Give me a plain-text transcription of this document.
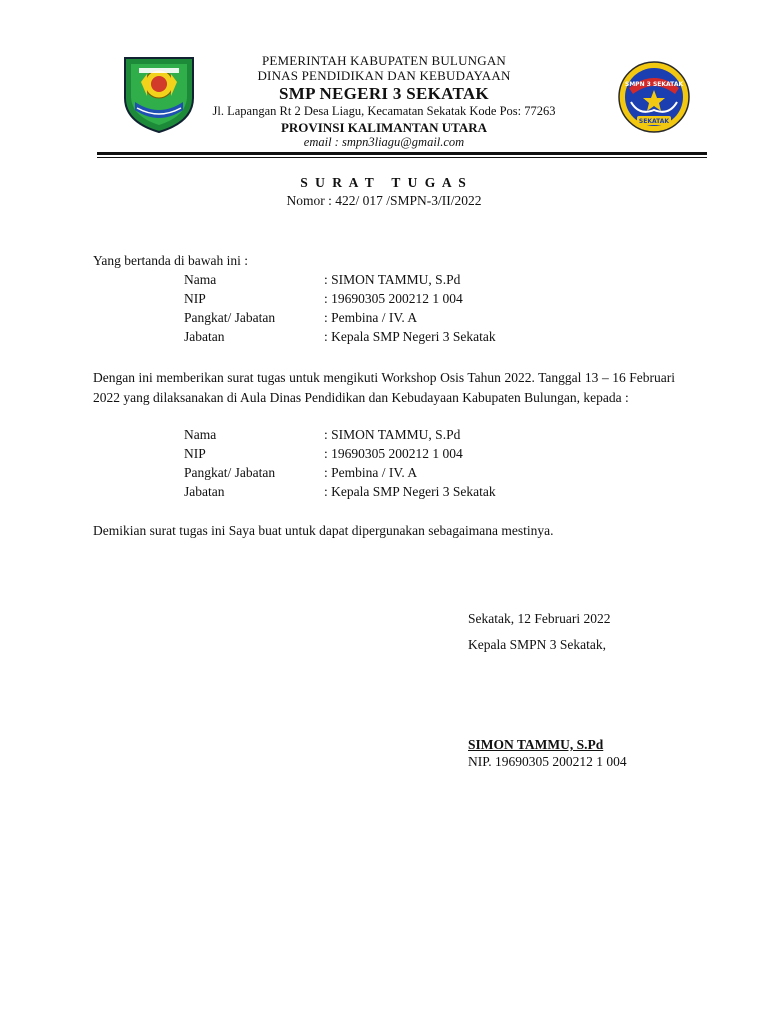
SMPN 3 SEKATAK
SEKATAK
PEMERINTAH KABUPATEN BULUNGAN
DINAS PENDIDIKAN DAN KEBUDAYAAN
SMP NEGERI 3 SEKATAK
Jl. Lapangan Rt 2 Desa Liagu, Kecamatan Sekatak Kode Pos: 77263
PROVINSI KALIMANTAN UTARA
email : smpn3liagu@gmail.com
S U R A T   T U G A S
Nomor : 422/ 017 /SMPN-3/II/2022
Yang bertanda di bawah ini :
Nama	: SIMON TAMMU, S.Pd
NIP	: 19690305 200212 1 004
Pangkat/ Jabatan	: Pembina / IV. A
Jabatan	: Kepala SMP Negeri 3 Sekatak
Dengan ini memberikan surat tugas untuk mengikuti Workshop Osis Tahun 2022. Tanggal 13 – 16 Februari 2022 yang dilaksanakan di Aula Dinas Pendidikan dan Kebudayaan Kabupaten Bulungan, kepada :
Nama	: SIMON TAMMU, S.Pd
NIP	: 19690305 200212 1 004
Pangkat/ Jabatan	: Pembina / IV. A
Jabatan	: Kepala SMP Negeri 3 Sekatak
Demikian surat tugas ini Saya buat untuk dapat dipergunakan sebagaimana mestinya.
Sekatak, 12 Februari 2022
Kepala SMPN 3 Sekatak,
SIMON TAMMU, S.Pd
NIP. 19690305 200212 1 004
